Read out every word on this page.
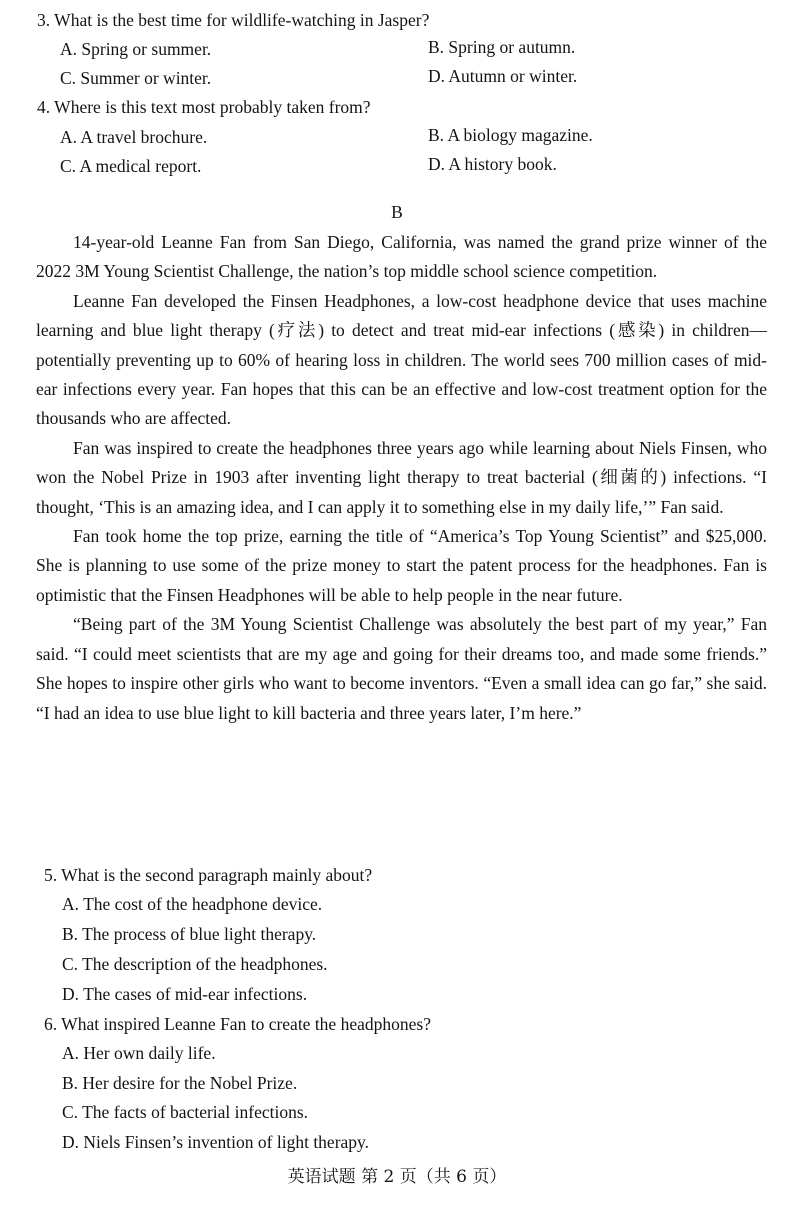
3. What is the best time for wildlife-watching in Jasper?
A. Spring or summer.	B. Spring or autumn.
C. Summer or winter.	D. Autumn or winter.
4. Where is this text most probably taken from?
A. A travel brochure.	B. A biology magazine.
C. A medical report.	D. A history book.
B

14-year-old Leanne Fan from San Diego, California, was named the grand prize winner of the 2022 3M Young Scientist Challenge, the nation’s top middle school science competition.

Leanne Fan developed the Finsen Headphones, a low-cost headphone device that uses machine learning and blue light therapy (疗法) to detect and treat mid-ear infections (感染) in children—potentially preventing up to 60% of hearing loss in children. The world sees 700 million cases of mid-ear infections every year. Fan hopes that this can be an effective and low-cost treatment option for the thousands who are affected.

Fan was inspired to create the headphones three years ago while learning about Niels Finsen, who won the Nobel Prize in 1903 after inventing light therapy to treat bacterial (细菌的) infections. “I thought, ‘This is an amazing idea, and I can apply it to something else in my daily life,’” Fan said.

Fan took home the top prize, earning the title of “America’s Top Young Scientist” and $25,000. She is planning to use some of the prize money to start the patent process for the headphones. Fan is optimistic that the Finsen Headphones will be able to help people in the near future.

“Being part of the 3M Young Scientist Challenge was absolutely the best part of my year,” Fan said. “I could meet scientists that are my age and going for their dreams too, and made some friends.” She hopes to inspire other girls who want to become inventors. “Even a small idea can go far,” she said. “I had an idea to use blue light to kill bacteria and three years later, I’m here.”

5. What is the second paragraph mainly about?
A. The cost of the headphone device.
B. The process of blue light therapy.
C. The description of the headphones.
D. The cases of mid-ear infections.
6. What inspired Leanne Fan to create the headphones?
A. Her own daily life.
B. Her desire for the Nobel Prize.
C. The facts of bacterial infections.
D. Niels Finsen’s invention of light therapy.
英语试题 第 2 页（共 6 页）
